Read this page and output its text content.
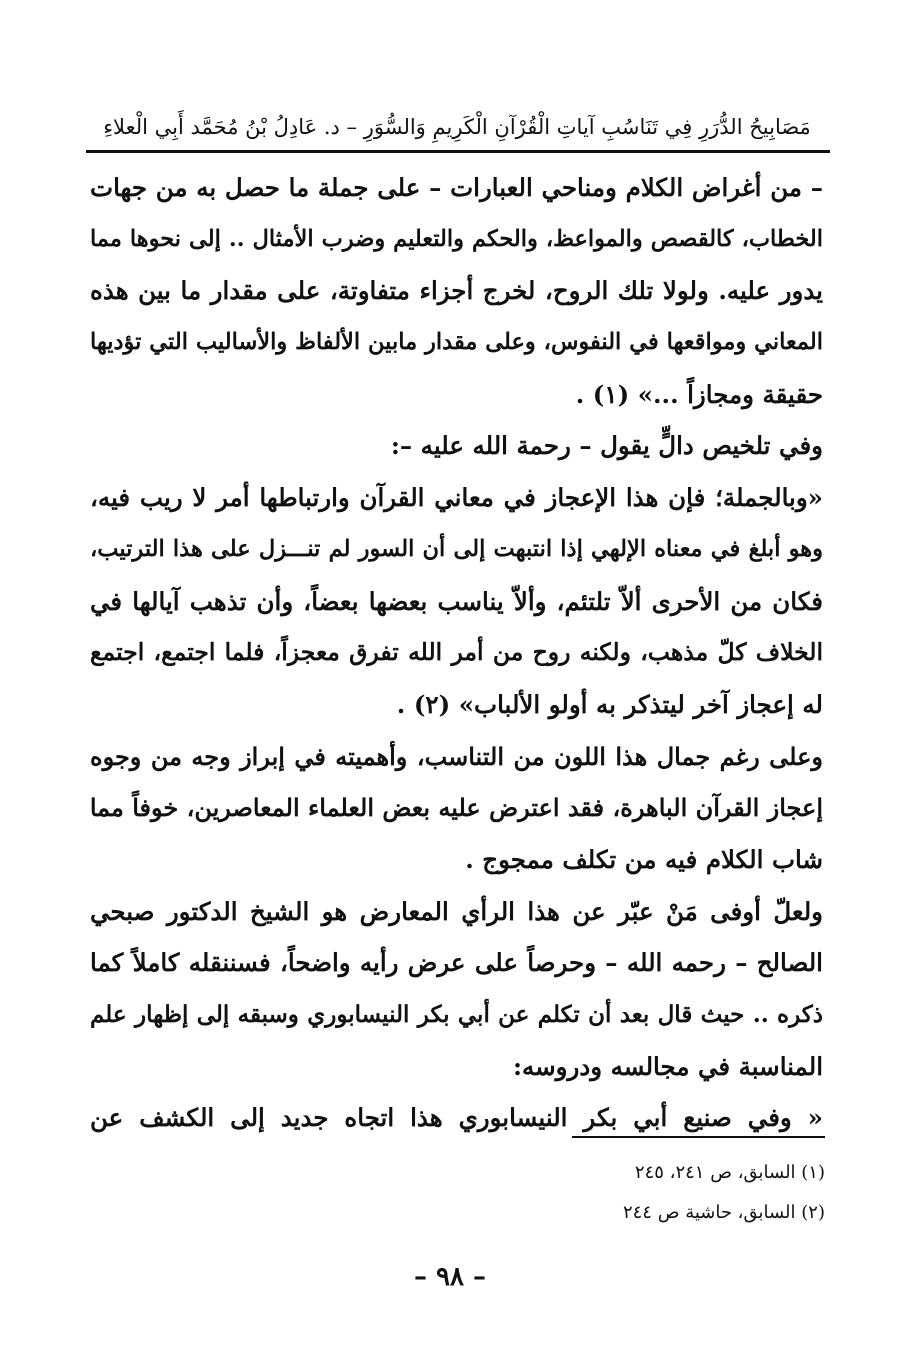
مَصَابِيحُ الدُّرَرِ فِي تَنَاسُبِ آياتِ الْقُرْآنِ الْكَرِيمِ وَالسُّوَرِ – د. عَادِلُ بْنُ مُحَمَّد أَبِي الْعلاءِ
– من أغراض الكلام ومناحي العبارات – على جملة ما حصل به من جهات
الخطاب، كالقصص والمواعظ، والحكم والتعليم وضرب الأمثال .. إلى نحوها مما
يدور عليه. ولولا تلك الروح، لخرج أجزاء متفاوتة، على مقدار ما بين هذه
المعاني ومواقعها في النفوس، وعلى مقدار مابين الألفاظ والأساليب التي تؤديها
حقيقة ومجازاً ...» (١) .
وفي تلخيص دالٍّ يقول – رحمة الله عليه –:
«وبالجملة؛ فإن هذا الإعجاز في معاني القرآن وارتباطها أمر لا ريب فيه،
وهو أبلغ في معناه الإلهي إذا انتبهت إلى أن السور لم تنـــزل على هذا الترتيب،
فكان من الأحرى ألاّ تلتئم، وألاّ يناسب بعضها بعضاً، وأن تذهب آيالها في
الخلاف كلّ مذهب، ولكنه روح من أمر الله تفرق معجزاً، فلما اجتمع، اجتمع
له إعجاز آخر ليتذكر به أولو الألباب» (٢) .
وعلى رغم جمال هذا اللون من التناسب، وأهميته في إبراز وجه من وجوه
إعجاز القرآن الباهرة، فقد اعترض عليه بعض العلماء المعاصرين، خوفاً مما
شاب الكلام فيه من تكلف ممجوج .
ولعلّ أوفى مَنْ عبّر عن هذا الرأي المعارض هو الشيخ الدكتور صبحي
الصالح – رحمه الله – وحرصاً على عرض رأيه واضحاً، فسننقله كاملاً كما
ذكره .. حيث قال بعد أن تكلم عن أبي بكر النيسابوري وسبقه إلى إظهار علم
المناسبة في مجالسه ودروسه:
« وفي صنيع أبي بكر النيسابوري هذا اتجاه جديد إلى الكشف عن
(١) السابق، ص ٢٤١، ٢٤٥
(٢) السابق، حاشية ص ٢٤٤
– ٩٨ –
